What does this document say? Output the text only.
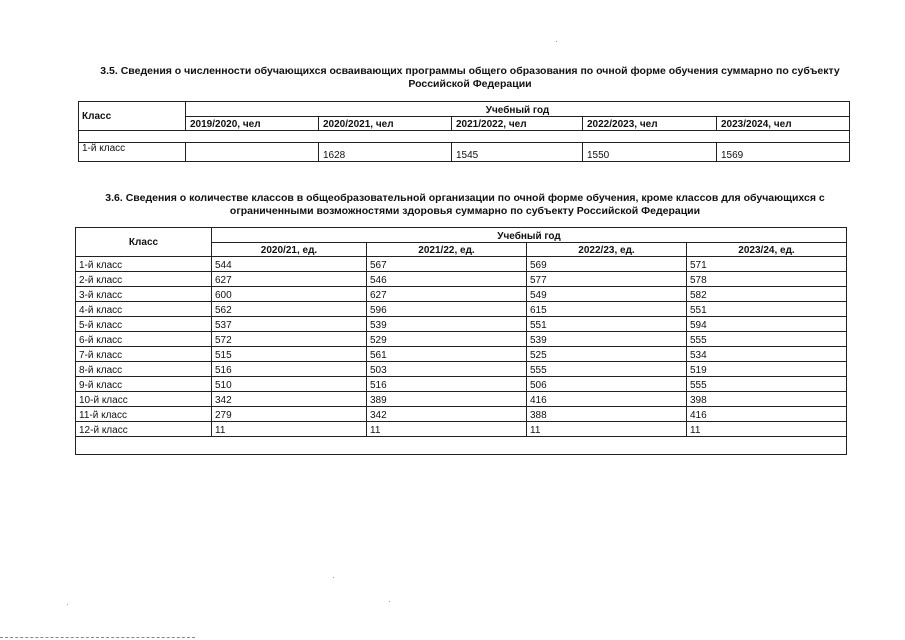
3.5. Сведения о численности обучающихся осваивающих программы общего образования по очной форме обучения суммарно по субъекту Российской Федерации
Класс	Учебный год				
	2019/2020, чел	2020/2021, чел	2021/2022, чел	2022/2023, чел	2023/2024, чел

1-й класс		1628	1545	1550	1569
3.6. Сведения о количестве классов в общеобразовательной организации по очной форме обучения, кроме классов для обучающихся с ограниченными возможностями здоровья суммарно по субъекту Российской Федерации
Класс	Учебный год			
	2020/21, ед.	2021/22, ед.	2022/23, ед.	2023/24, ед.
1-й класс	544	567	569	571
2-й класс	627	546	577	578
3-й класс	600	627	549	582
4-й класс	562	596	615	551
5-й класс	537	539	551	594
6-й класс	572	529	539	555
7-й класс	515	561	525	534
8-й класс	516	503	555	519
9-й класс	510	516	506	555
10-й класс	342	389	416	398
11-й класс	279	342	388	416
12-й класс	11	11	11	11
